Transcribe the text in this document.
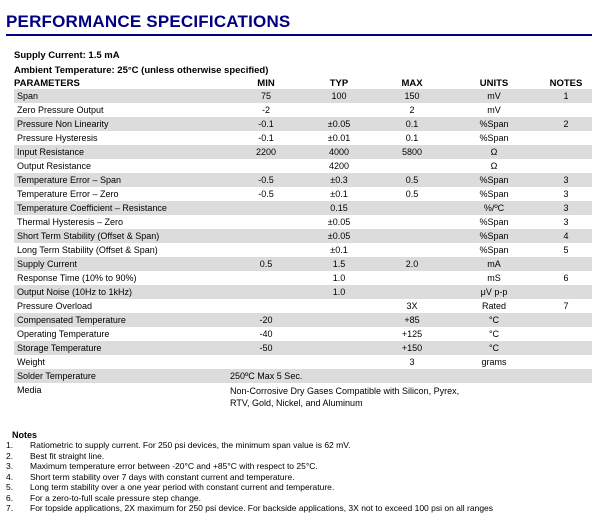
PERFORMANCE SPECIFICATIONS
Supply Current: 1.5 mA
Ambient Temperature: 25°C (unless otherwise specified)
PARAMETERS	MIN	TYP	MAX	UNITS	NOTES
Span	75	100	150	mV	1
Zero Pressure Output	-2		2	mV	
Pressure Non Linearity	-0.1	±0.05	0.1	%Span	2
Pressure Hysteresis	-0.1	±0.01	0.1	%Span	
Input Resistance	2200	4000	5800	Ω	
Output Resistance		4200		Ω	
Temperature Error – Span	-0.5	±0.3	0.5	%Span	3
Temperature Error – Zero	-0.5	±0.1	0.5	%Span	3
Temperature Coefficient – Resistance		0.15		%/ºC	3
Thermal Hysteresis – Zero		±0.05		%Span	3
Short Term Stability (Offset & Span)		±0.05		%Span	4
Long Term Stability (Offset & Span)		±0.1		%Span	5
Supply Current	0.5	1.5	2.0	mA	
Response Time (10% to 90%)		1.0		mS	6
Output Noise (10Hz to 1kHz)		1.0		μV p-p	
Pressure Overload			3X	Rated	7
Compensated Temperature	-20		+85	°C	
Operating Temperature	-40		+125	°C	
Storage Temperature	-50		+150	°C	
Weight			3	grams	
Solder Temperature	250ºC Max 5 Sec.				
Media	Non-Corrosive Dry Gases Compatible with Silicon, Pyrex,
RTV, Gold, Nickel, and Aluminum				
Notes
1.	Ratiometric to supply current. For 250 psi devices, the minimum span value is 62 mV.
2.	Best fit straight line.
3.	Maximum temperature error between -20°C and +85°C with respect to 25°C.
4.	Short term stability over 7 days with constant current and temperature.
5.	Long term stability over a one year period with constant current and temperature.
6.	For a zero-to-full scale pressure step change.
7.	For topside applications, 2X maximum for 250 psi device. For backside applications, 3X not to exceed 100 psi on all ranges
